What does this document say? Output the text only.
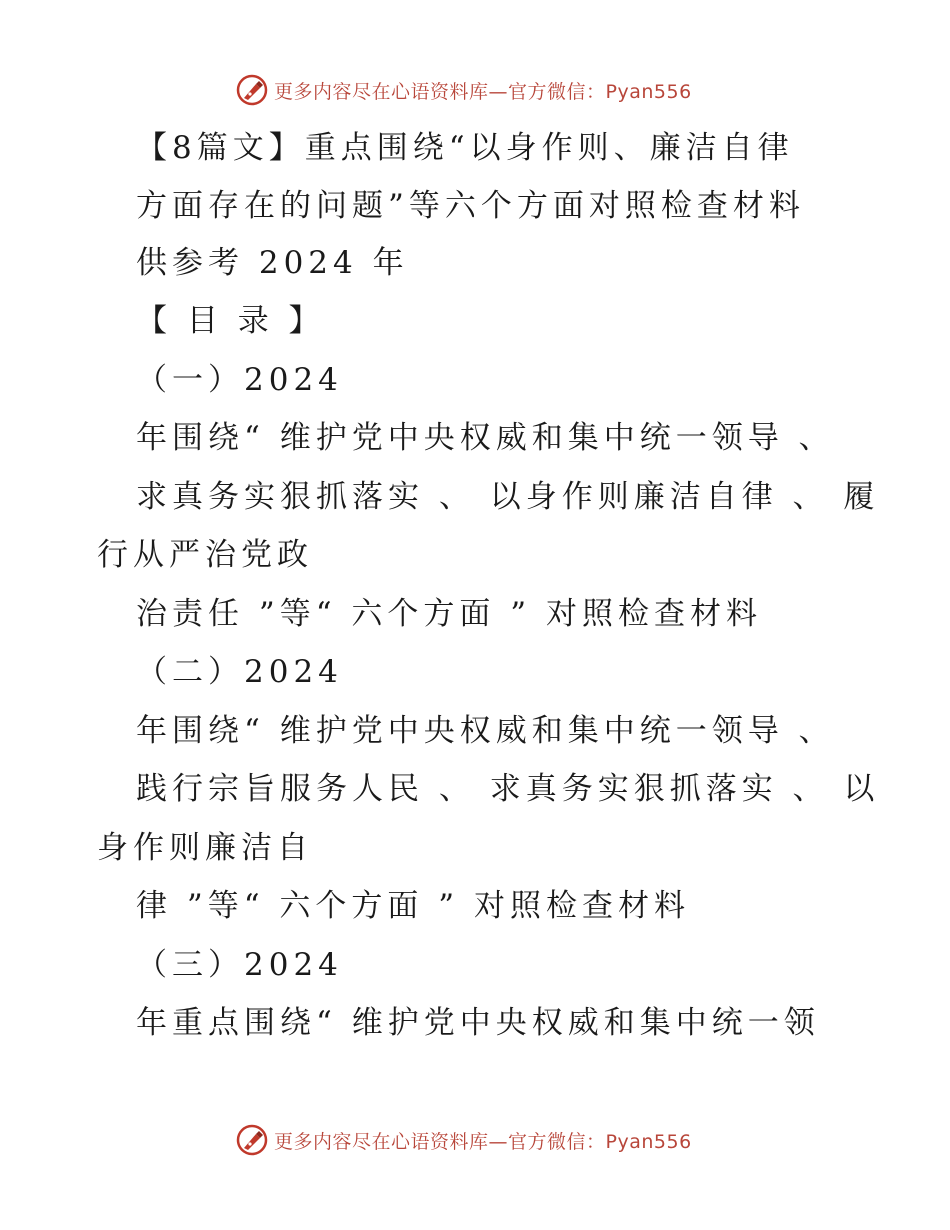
更多内容尽在心语资料库—官方微信：Pyan556
【8篇文】重点围绕“以身作则、廉洁自律
方面存在的问题”等六个方面对照检查材料
供参考 2024 年
【 目 录 】
（一）2024
年围绕“ 维护党中央权威和集中统一领导 、
求真务实狠抓落实 、 以身作则廉洁自律 、 履
行从严治党政
治责任 ”等“ 六个方面 ” 对照检查材料
（二）2024
年围绕“ 维护党中央权威和集中统一领导 、
践行宗旨服务人民 、 求真务实狠抓落实 、 以
身作则廉洁自
律 ”等“ 六个方面 ” 对照检查材料
（三）2024
年重点围绕“ 维护党中央权威和集中统一领
更多内容尽在心语资料库—官方微信：Pyan556
